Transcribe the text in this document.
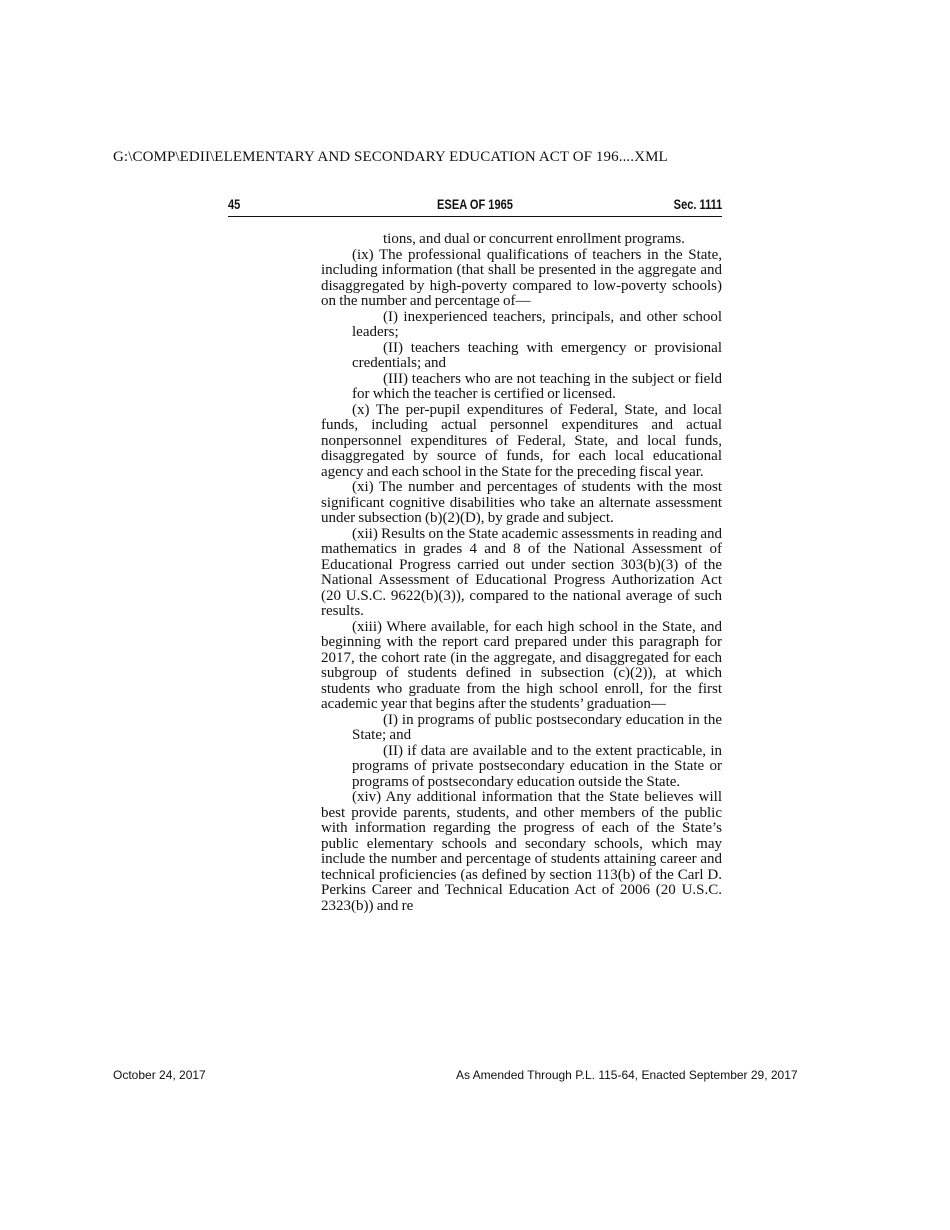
G:\COMP\EDII\ELEMENTARY AND SECONDARY EDUCATION ACT OF 196....XML
45	ESEA OF 1965	Sec. 1111

tions, and dual or concurrent enrollment programs.

(ix) The professional qualifications of teachers in the State, including information (that shall be presented in the aggregate and disaggregated by high-poverty compared to low-poverty schools) on the number and percentage of—

(I) inexperienced teachers, principals, and other school leaders;

(II) teachers teaching with emergency or provisional credentials; and

(III) teachers who are not teaching in the subject or field for which the teacher is certified or licensed.

(x) The per-pupil expenditures of Federal, State, and local funds, including actual personnel expenditures and actual nonpersonnel expenditures of Federal, State, and local funds, disaggregated by source of funds, for each local educational agency and each school in the State for the preceding fiscal year.

(xi) The number and percentages of students with the most significant cognitive disabilities who take an alternate assessment under subsection (b)(2)(D), by grade and subject.

(xii) Results on the State academic assessments in reading and mathematics in grades 4 and 8 of the National Assessment of Educational Progress carried out under section 303(b)(3) of the National Assessment of Educational Progress Authorization Act (20 U.S.C. 9622(b)(3)), compared to the national average of such results.

(xiii) Where available, for each high school in the State, and beginning with the report card prepared under this paragraph for 2017, the cohort rate (in the aggregate, and disaggregated for each subgroup of students defined in subsection (c)(2)), at which students who graduate from the high school enroll, for the first academic year that begins after the students’ graduation—

(I) in programs of public postsecondary education in the State; and

(II) if data are available and to the extent practicable, in programs of private postsecondary education in the State or programs of postsecondary education outside the State.

(xiv) Any additional information that the State believes will best provide parents, students, and other members of the public with information regarding the progress of each of the State’s public elementary schools and secondary schools, which may include the number and percentage of students attaining career and technical proficiencies (as defined by section 113(b) of the Carl D. Perkins Career and Technical Education Act of 2006 (20 U.S.C. 2323(b)) and re

October 24, 2017	As Amended Through P.L. 115-64, Enacted September 29, 2017
